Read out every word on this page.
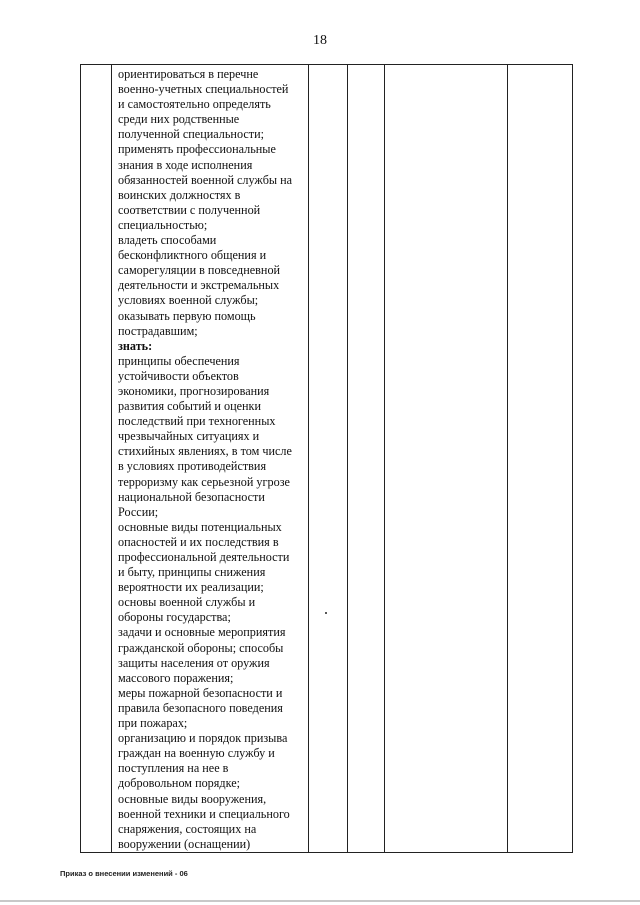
18

ориентироваться в перечне
военно-учетных специальностей
и самостоятельно определять
среди них родственные
полученной специальности;
применять профессиональные
знания в ходе исполнения
обязанностей военной службы на
воинских должностях в
соответствии с полученной
специальностью;
владеть способами
бесконфликтного общения и
саморегуляции в повседневной
деятельности и экстремальных
условиях военной службы;
оказывать первую помощь
пострадавшим;
знать:
принципы обеспечения
устойчивости объектов
экономики, прогнозирования
развития событий и оценки
последствий при техногенных
чрезвычайных ситуациях и
стихийных явлениях, в том числе
в условиях противодействия
терроризму как серьезной угрозе
национальной безопасности
России;
основные виды потенциальных
опасностей и их последствия в
профессиональной деятельности
и быту, принципы снижения
вероятности их реализации;
основы военной службы и
обороны государства;
задачи и основные мероприятия
гражданской обороны; способы
защиты населения от оружия
массового поражения;
меры пожарной безопасности и
правила безопасного поведения
при пожарах;
организацию и порядок призыва
граждан на военную службу и
поступления на нее в
добровольном порядке;
основные виды вооружения,
военной техники и специального
снаряжения, состоящих на
вооружении (оснащении)

Приказ о внесении изменений - 06
